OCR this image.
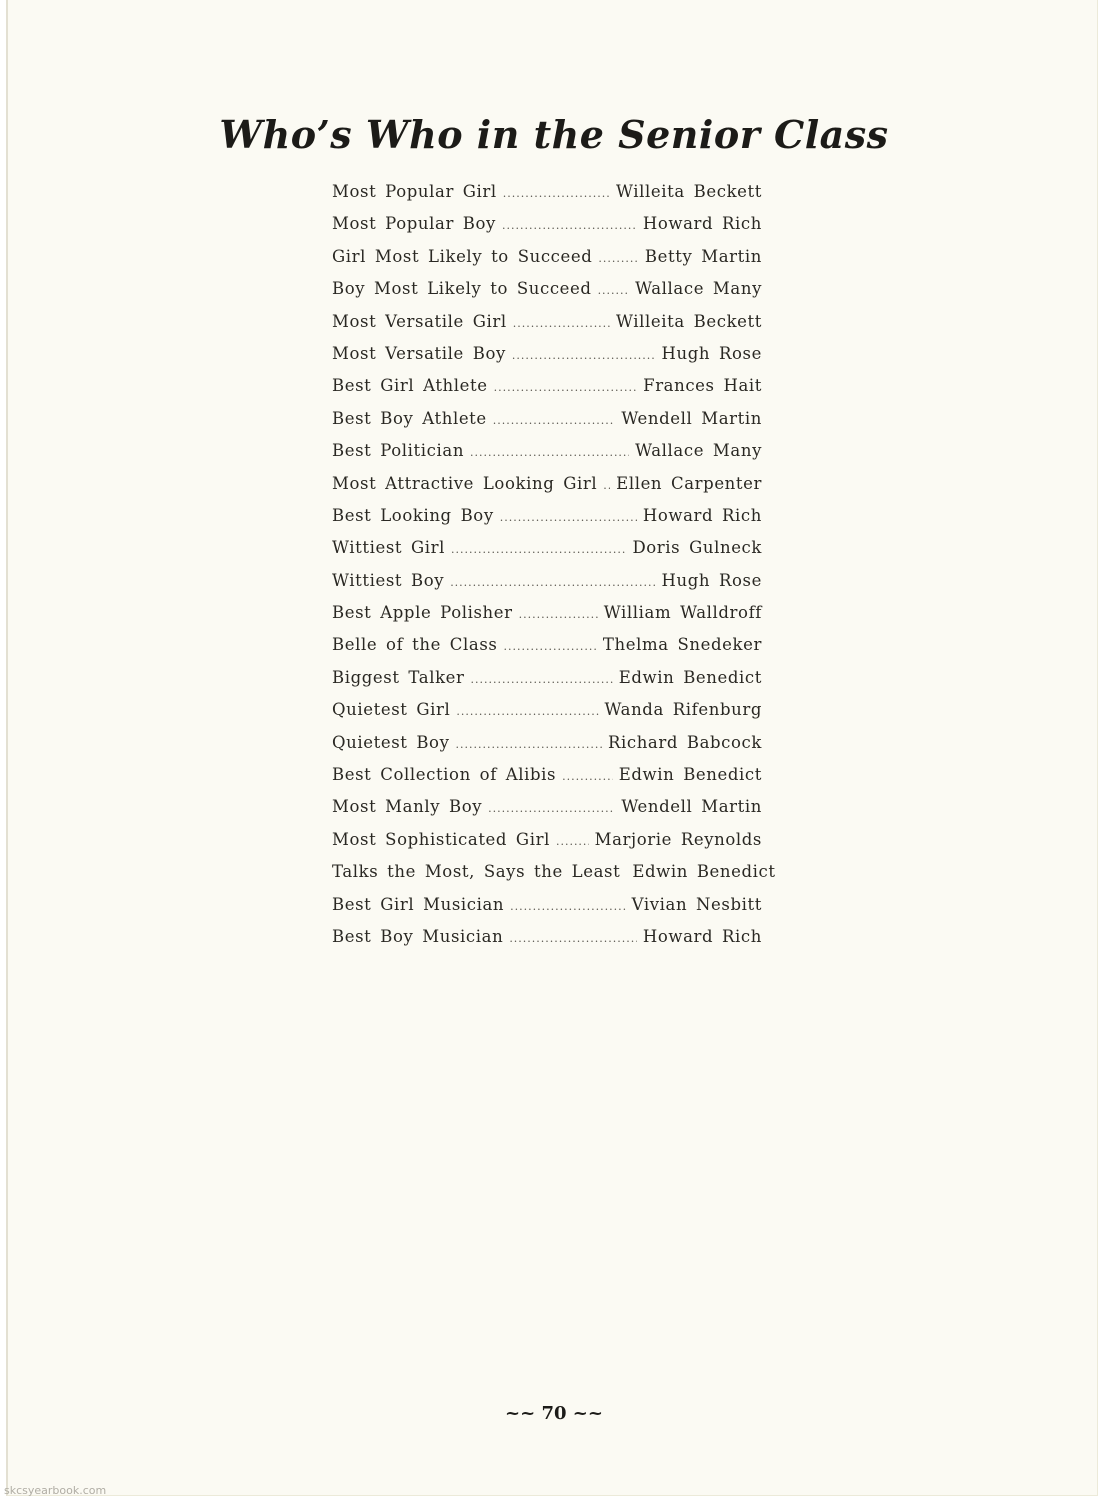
Who’s Who in the Senior Class
Most Popular Girl .....	Willeita Beckett
Most Popular Boy .....	Howard Rich
Girl Most Likely to Succeed .....	Betty Martin
Boy Most Likely to Succeed .....	Wallace Many
Most Versatile Girl .....	Willeita Beckett
Most Versatile Boy .....	Hugh Rose
Best Girl Athlete .....	Frances Hait
Best Boy Athlete .....	Wendell Martin
Best Politician .....	Wallace Many
Most Attractive Looking Girl ..... Ellen Carpenter
Best Looking Boy .....	Howard Rich
Wittiest Girl .....	Doris Gulneck
Wittiest Boy .....	Hugh Rose
Best Apple Polisher .....	William Walldroff
Belle of the Class .....	Thelma Snedeker
Biggest Talker .....	Edwin Benedict
Quietest Girl .....	Wanda Rifenburg
Quietest Boy .....	Richard Babcock
Best Collection of Alibis .....	Edwin Benedict
Most Manly Boy .....	Wendell Martin
Most Sophisticated Girl .....	Marjorie Reynolds
Talks the Most, Says the Least Edwin Benedict
Best Girl Musician .....	Vivian Nesbitt
Best Boy Musician .....	Howard Rich
~~ 70 ~~
skcsyearbook.com
